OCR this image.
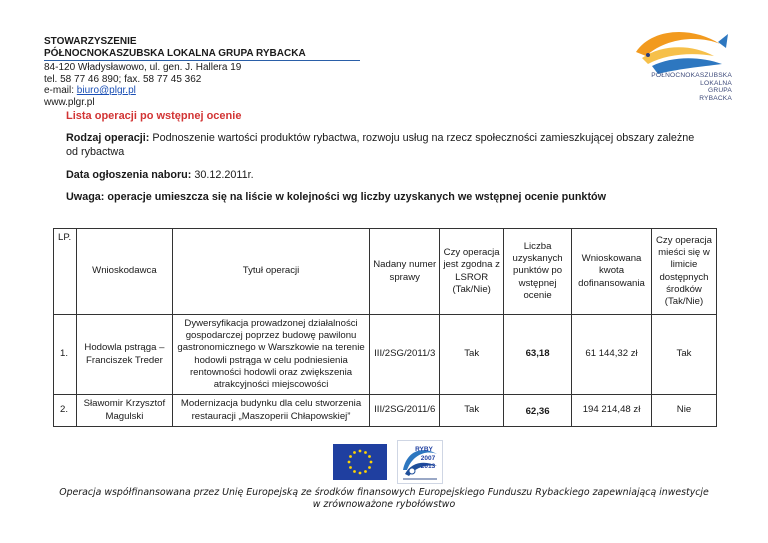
STOWARZYSZENIE
PÓŁNOCNOKASZUBSKA LOKALNA GRUPA RYBACKA
84-120 Władysławowo, ul. gen. J. Hallera 19
tel. 58 77 46 890; fax. 58 77 45 362
e-mail: biuro@plgr.pl
www.plgr.pl
PÓŁNOCNOKASZUBSKA
LOKALNA
GRUPA
RYBACKA
Lista operacji po wstępnej ocenie
Rodzaj operacji: Podnoszenie wartości produktów rybactwa, rozwoju usług na rzecz społeczności zamieszkującej obszary zależne od rybactwa
Data ogłoszenia naboru: 30.12.2011r.
Uwaga: operacje umieszcza się na liście w kolejności wg liczby uzyskanych we wstępnej ocenie punktów
LP.	Wnioskodawca	Tytuł operacji	Nadany numer sprawy	Czy operacja jest zgodna z LSROR (Tak/Nie)	Liczba uzyskanych punktów po wstępnej ocenie	Wnioskowana kwota dofinansowania	Czy operacja mieści się w limicie dostępnych środków (Tak/Nie)
1.	Hodowla pstrąga – Franciszek Treder	Dywersyfikacja prowadzonej działalności gospodarczej poprzez budowę pawilonu gastronomicznego w Warszkowie na terenie hodowli pstrąga w celu podniesienia rentowności hodowli oraz zwiększenia atrakcyjności miejscowości	III/2SG/2011/3	Tak	63,18	61 144,32 zł	Tak
2.	Sławomir Krzysztof Magulski	Modernizacja budynku dla celu stworzenia restauracji „Maszoperii Chłapowskiej”	III/2SG/2011/6	Tak	62,36	194 214,48 zł	Nie
RYBY
2007
2013
Operacja współfinansowana przez Unię Europejską ze środków finansowych Europejskiego Funduszu Rybackiego zapewniającą inwestycje
w zrównoważone rybołówstwo
